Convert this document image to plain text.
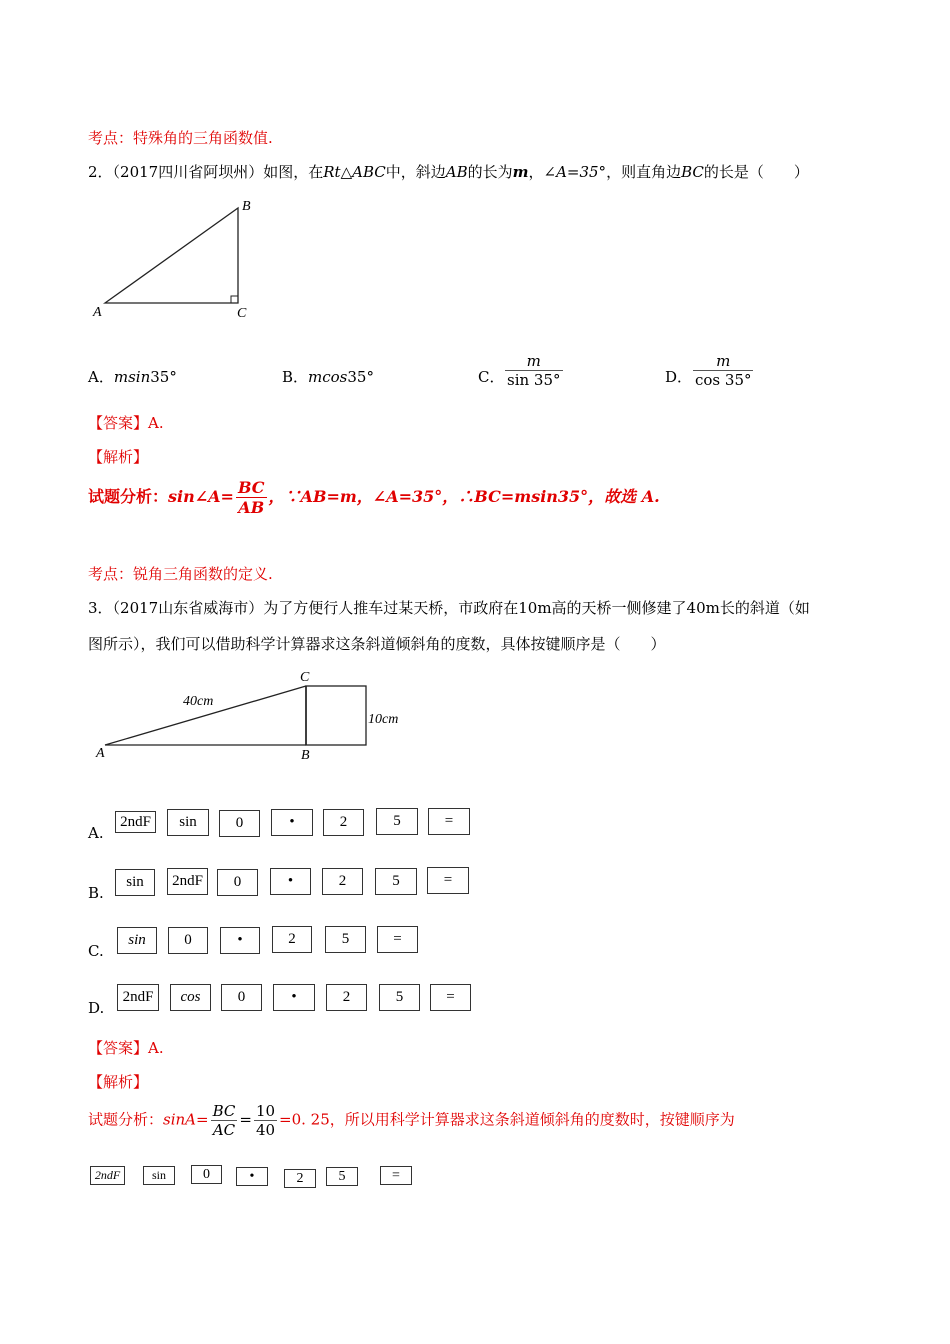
考点：特殊角的三角函数值.
2．（2017四川省阿坝州）如图，在Rt△ABC中，斜边AB的长为m，∠A=35°，则直角边BC的长是（　　）
A
B
C
A．msin35°	B．mcos35°	C． $\frac{m}{\sin 35^\circ}$	D． $\frac{m}{\cos 35^\circ}$
【答案】A.
【解析】
试题分析：sin∠A= $\frac{BC}{AB}$ ，∵AB=m，∠A=35°，∴BC=msin35°，故选 A.
考点：锐角三角函数的定义.
3．（2017山东省威海市）为了方便行人推车过某天桥，市政府在10m高的天桥一侧修建了40m长的斜道（如
图所示），我们可以借助科学计算器求这条斜道倾斜角的度数，具体按键顺序是（　　）
A	B
C
40cm
10cm
A.
2ndF	sin	0	•	2	5	=
B.
sin	2ndF	0	•	2	5	=
C.
sin	0	•	2	5	=
D.
2ndF	cos	0	•	2	5	=
【答案】A.
【解析】
试题分析：$\sin A= \frac{BC}{AC} = \frac{10}{40} =0$. 25，所以用科学计算器求这条斜道倾斜角的度数时，按键顺序为
2ndF	sin	0	•	2	5	=
